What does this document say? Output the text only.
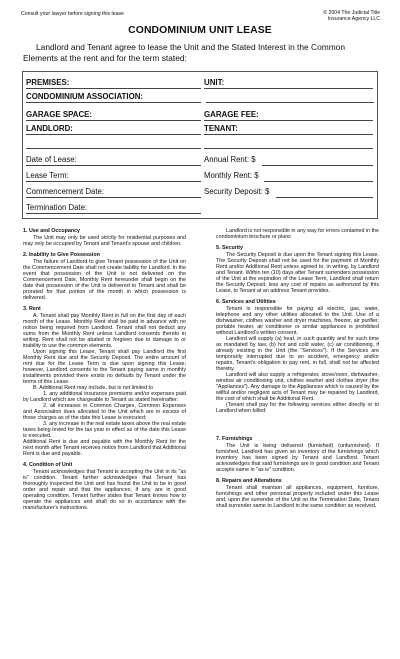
Consult your lawyer before signing this lease	© 2004 The Judicial Title
Insurance Agency LLC
CONDOMINIUM UNIT LEASE
Landlord and Tenant agree to lease the Unit and the Stated Interest in the Common Elements at the rent and for the term stated:
PREMISES:	UNIT:
CONDOMINIUM ASSOCIATION:
GARAGE SPACE:	GARAGE FEE:
LANDLORD:	TENANT:
Date of Lease:	Annual Rent: $
Lease Term:	Monthly Rent: $
Commencement Date:	Security Deposit: $
Termination Date:

1. Use and Occupancy

The Unit may only be used strictly for residential purposes and may only be occupied by Tenant and Tenant's spouse and children.

2. Inability to Give Possession

The failure of Landlord to give Tenant possession of the Unit on the Commencement Date shall not create liability for Landlord. In the event that possession of the Unit is not delivered on the Commencement Date, Monthly Rent hereunder shall begin on the date that possession of the Unit is delivered to Tenant and shall be prorated for that portion of the month in which possession is delivered.

3. Rent

A. Tenant shall pay Monthly Rent in full on the first day of each month of the Lease. Monthly Rent shall be paid in advance with no notice being required from Landlord. Tenant shall not deduct any sums from the Monthly Rent unless Landlord consents thereto in writing. Rent shall not be abated or forgiven due to damage to or inability to use the common elements.

Upon signing this Lease, Tenant shall pay Landlord the first Monthly Rent due and the Security Deposit. The entire amount of rent due for the Lease Term is due upon signing this Lease; however, Landlord consents to the Tenant paying same in monthly installments provided there exists no defaults by Tenant under the terms of this Lease.

B. Additional Rent may include, but is not limited to

1. any additional insurance premiums and/or expenses paid by Landlord which are chargeable to Tenant as stated hereinafter:

2. all increases in Common Charges, Common Expenses and Association dues allocated to the Unit which are in excess of those charges as of the date this Lease is executed;

3. any increase in the real estate taxes above the real estate taxes being levied for the tax year in effect as of the date this Lease is executed.

Additional Rent is due and payable with the Monthly Rent for the next month after Tenant receives notice from Landlord that Additional Rent is due and payable.

4. Condition of Unit

Tenant acknowledges that Tenant is accepting the Unit in its "as is" condition. Tenant further acknowledges that Tenant has thoroughly inspected the Unit and has found the Unit to be in good order and repair and that the appliances, if any, are in good operating condition. Tenant further states that Tenant knows how to operate the appliances and shall do so in accordance with the manufacturer's instructions.

Landlord is not responsible in any way for errors contained in the condominium brochure or plans

5. Security

The Security Deposit is due upon the Tenant signing this Lease. The Security Deposit shall not be used for the payment of Monthly Rent and/or Additional Rent unless agreed to, in writing, by Landlord and Tenant. Within ten (10) days after Tenant surrenders possession of the Unit at the expiration of the Lease Term, Landlord shall return the Security Deposit, less any cost of repairs as authorized by this Lease, to Tenant at an address Tenant provides.

6. Services and Utilities

Tenant is responsible for paying all electric, gas, water, telephone and any other utilities allocated to the Unit. Use of a dishwasher, clothes washer and dryer machines, freezer, air purifier, portable heater, air conditioner or similar appliances is prohibited without Landlord's written consent.

Landlord will supply (a) heat, in such quantity and for such time as mandated by law, (b) hot and cold water, (c) air conditioning, if already existing in the Unit (the "Services"). If the Services are temporarily interrupted due to an accident, emergency and/or repairs, Tenant's obligation to pay rent, in full, shall not be affected thereby.

Landlord will also supply a refrigerator, stove/oven, dishwasher, window air conditioning unit, clothes washer and clothes dryer (the "Appliances"). Any damage to the Appliances which is caused by the willful and/or negligent acts of Tenant may be repaired by Landlord, the cost of which shall be Additional Rent.

(Tenant shall pay for the following services either directly or to Landlord when billed:

7. Furnishings

The Unit is being delivered (furnished) (unfurnished). If furnished, Landlord has given an inventory of the furnishings which inventory has been signed by Tenant and Landlord. Tenant acknowledges that said furnishings are in good condition and Tenant accepts same in "as is" condition.

8. Repairs and Alterations

Tenant shall maintain all appliances, equipment, furniture, furnishings and other personal property included under this Lease and, upon the surrender of the Unit on the Termination Date, Tenant shall surrender same to Landlord in the same condition as received,
